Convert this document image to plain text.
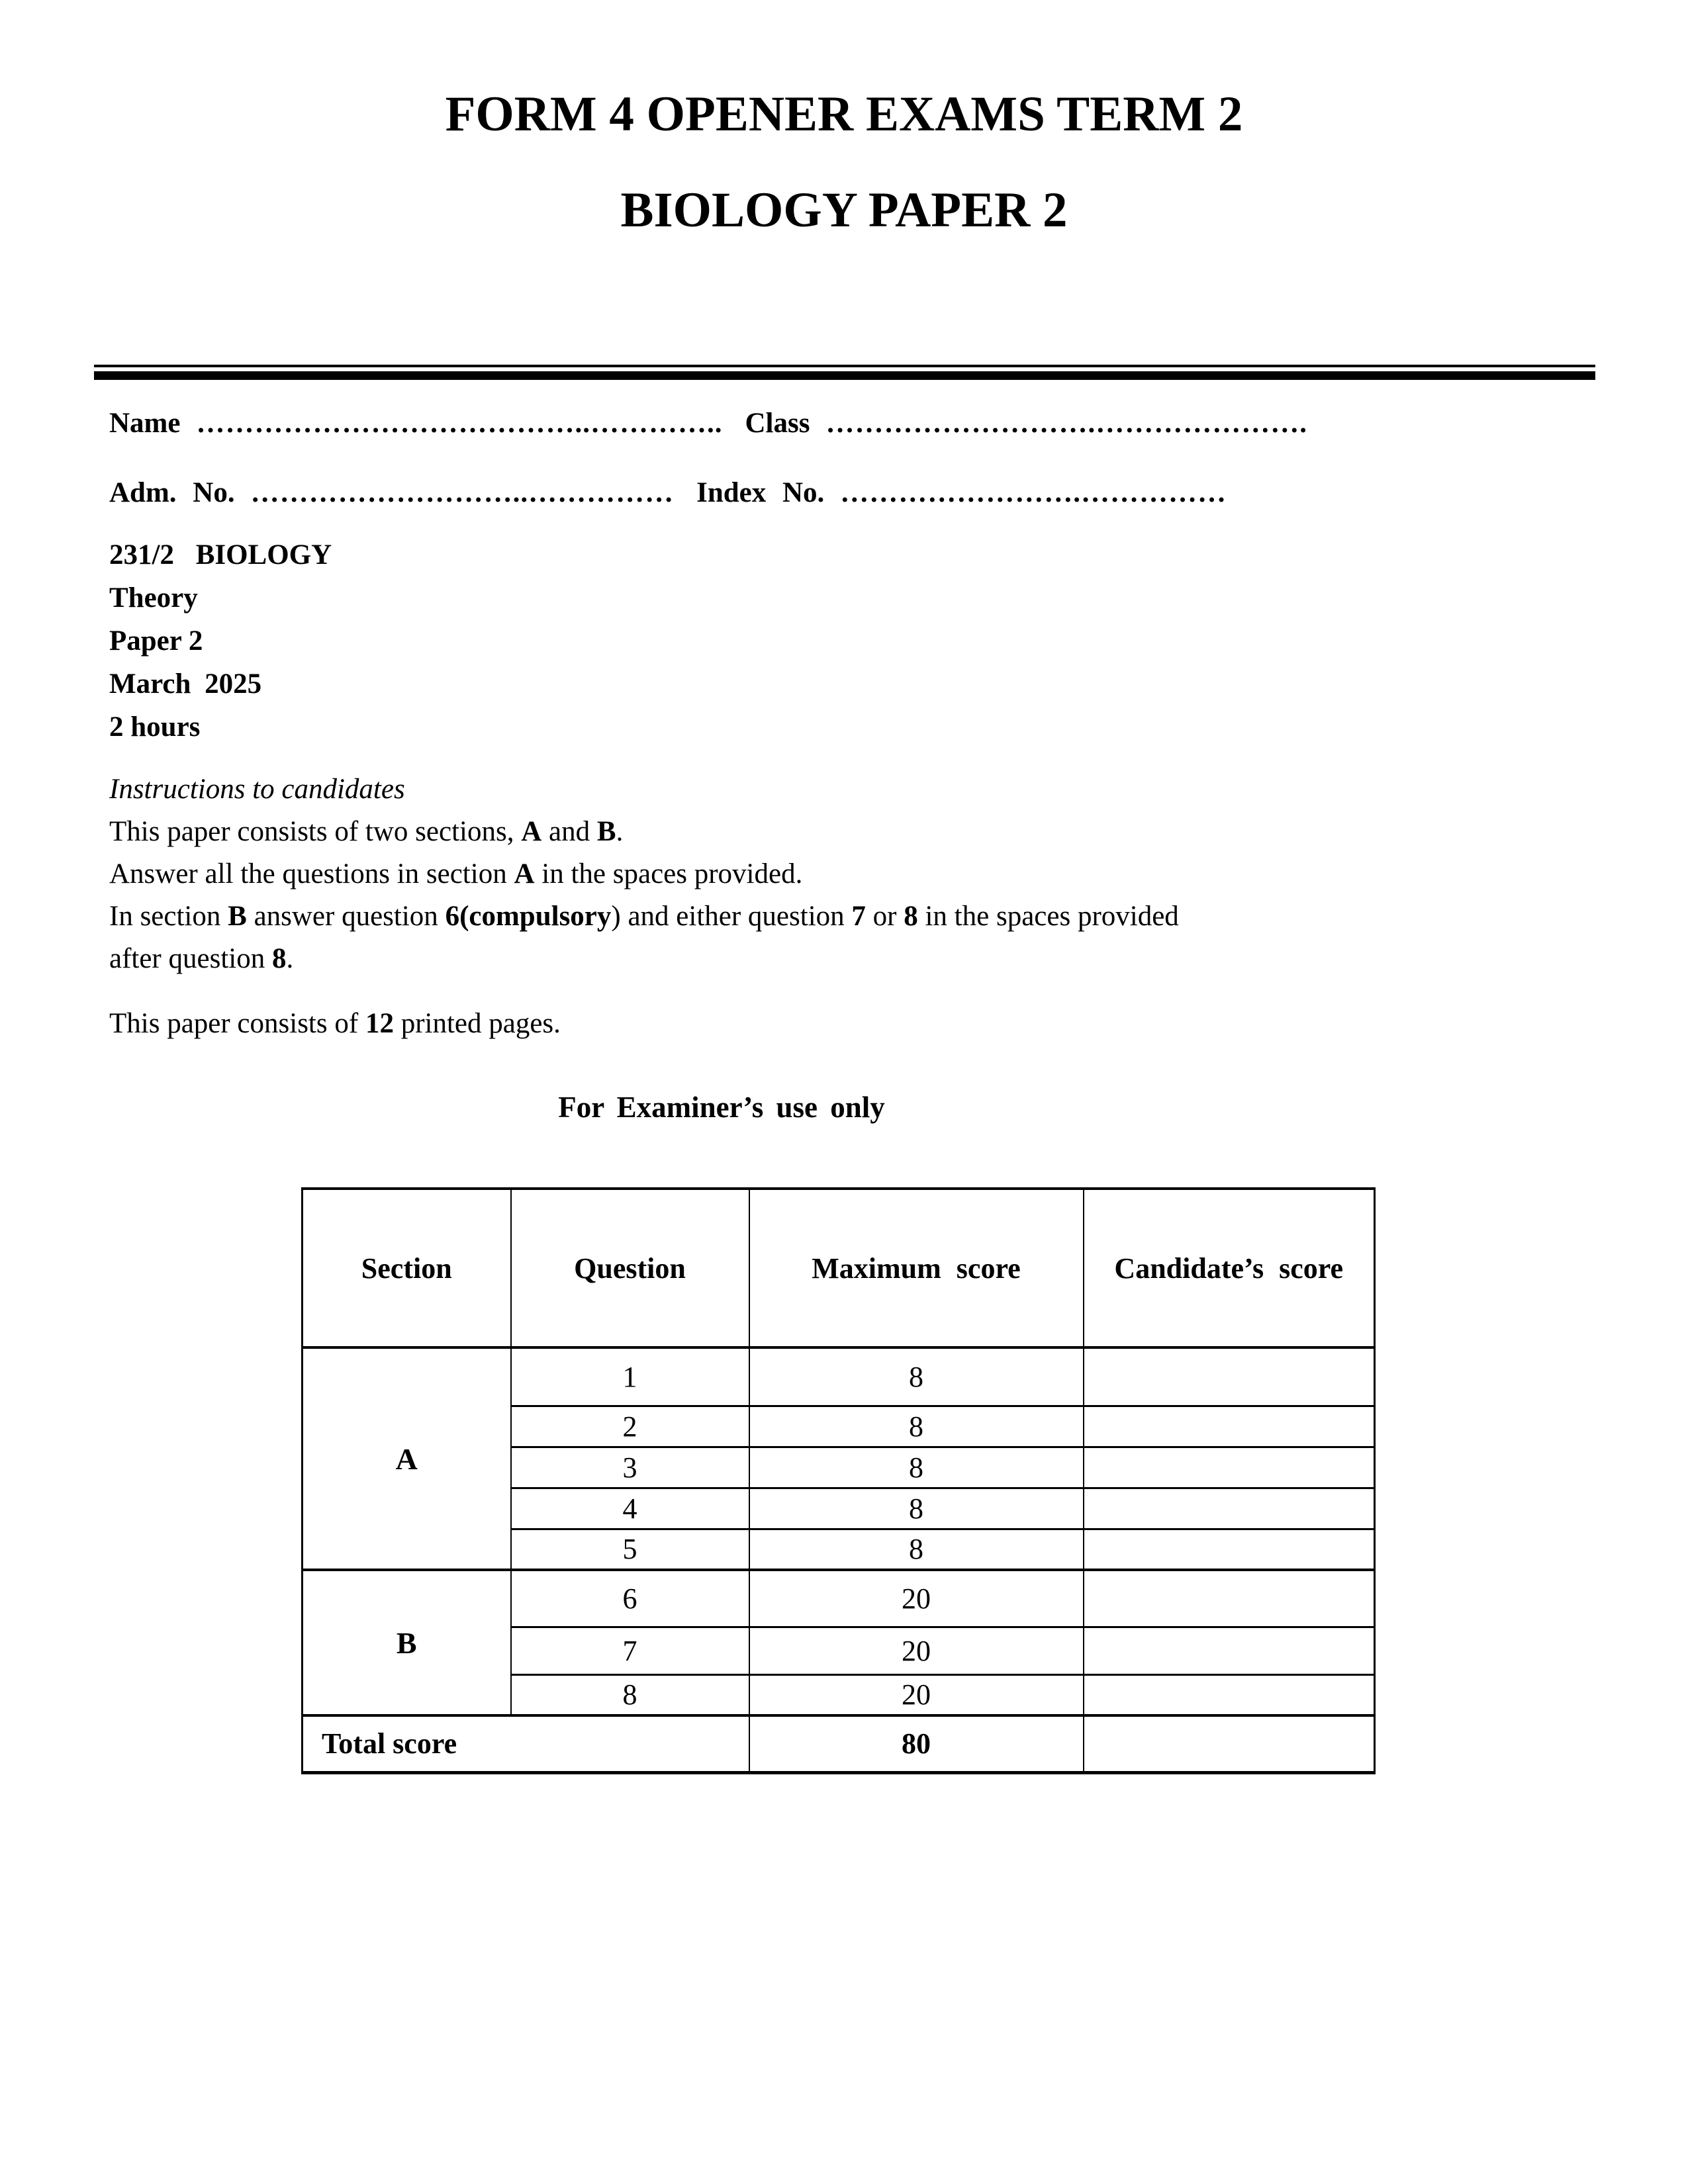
FORM 4 OPENER EXAMS TERM 2
BIOLOGY PAPER 2
Name …………………………………..………….. Class ……………………….………………….
Adm. No. ………………………..…………… Index No. …………………….……………
231/2 BIOLOGY
Theory
Paper 2
March 2025
2 hours
Instructions to candidates
This paper consists of two sections, A and B.
Answer all the questions in section A in the spaces provided.
In section B answer question 6(compulsory) and either question 7 or 8 in the spaces provided
after question 8.
This paper consists of 12 printed pages.
For Examiner’s use only
Section	Question	Maximum score	Candidate’s score
A	1	8	
	2	8	
	3	8	
	4	8	
	5	8	
B	6	20	
	7	20	
	8	20	
Total score		80	
